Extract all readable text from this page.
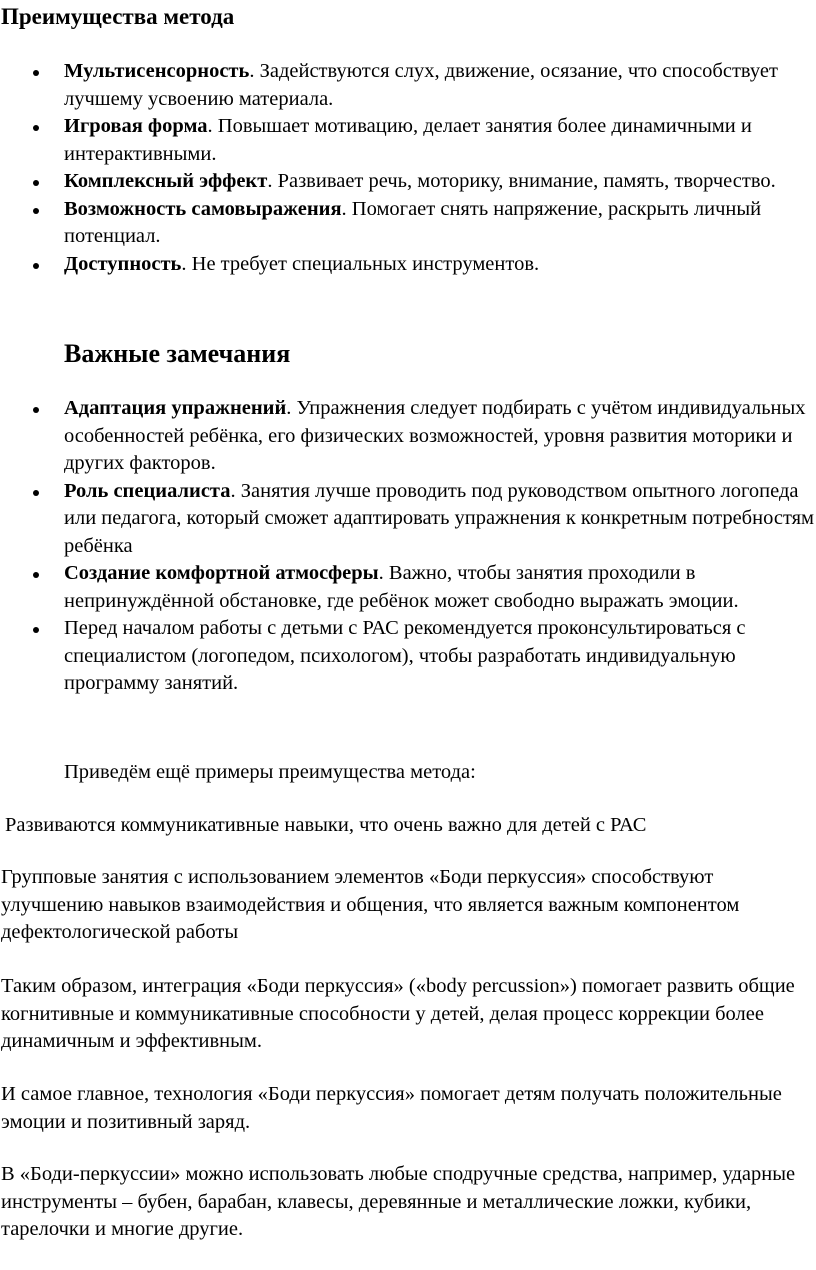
Преимущества метода
Мультисенсорность. Задействуются слух, движение, осязание, что способствует лучшему усвоению материала.
Игровая форма. Повышает мотивацию, делает занятия более динамичными и интерактивными.
Комплексный эффект. Развивает речь, моторику, внимание, память, творчество.
Возможность самовыражения. Помогает снять напряжение, раскрыть личный потенциал.
Доступность. Не требует специальных инструментов.
Важные замечания
Адаптация упражнений. Упражнения следует подбирать с учётом индивидуальных особенностей ребёнка, его физических возможностей, уровня развития моторики и других факторов.
Роль специалиста. Занятия лучше проводить под руководством опытного логопеда или педагога, который сможет адаптировать упражнения к конкретным потребностям ребёнка
Создание комфортной атмосферы. Важно, чтобы занятия проходили в непринуждённой обстановке, где ребёнок может свободно выражать эмоции.
Перед началом работы с детьми с РАС рекомендуется проконсультироваться с специалистом (логопедом, психологом), чтобы разработать индивидуальную программу занятий.

Приведём ещё примеры преимущества метода:

Развиваются коммуникативные навыки, что очень важно для детей с РАС

Групповые занятия с использованием элементов «Боди перкуссия» способствуют улучшению навыков взаимодействия и общения, что является важным компонентом дефектологической работы

Таким образом, интеграция «Боди перкуссия» («body percussion») помогает развить общие когнитивные и коммуникативные способности у детей, делая процесс коррекции более динамичным и эффективным.

И самое главное, технология «Боди перкуссия» помогает детям получать положительные эмоции и позитивный заряд.

В «Боди-перкуссии» можно использовать любые сподручные средства, например, ударные инструменты – бубен, барабан, клавесы, деревянные и металлические ложки, кубики, тарелочки и многие другие.
